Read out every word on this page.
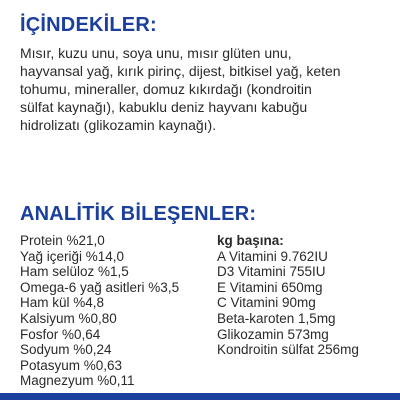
İÇİNDEKİLER:
Mısır, kuzu unu, soya unu, mısır glüten unu,
hayvansal yağ, kırık pirinç, dijest, bitkisel yağ, keten
tohumu, mineraller, domuz kıkırdağı (kondroitin
sülfat kaynağı), kabuklu deniz hayvanı kabuğu
hidrolizatı (glikozamin kaynağı).
ANALİTİK BİLEŞENLER:
Protein %21,0
Yağ içeriği %14,0
Ham selüloz %1,5
Omega-6 yağ asitleri %3,5
Ham kül %4,8
Kalsiyum %0,80
Fosfor %0,64
Sodyum %0,24
Potasyum %0,63
Magnezyum %0,11
kg başına:
A Vitamini 9.762IU
D3 Vitamini 755IU
E Vitamini 650mg
C Vitamini 90mg
Beta-karoten 1,5mg
Glikozamin 573mg
Kondroitin sülfat 256mg
